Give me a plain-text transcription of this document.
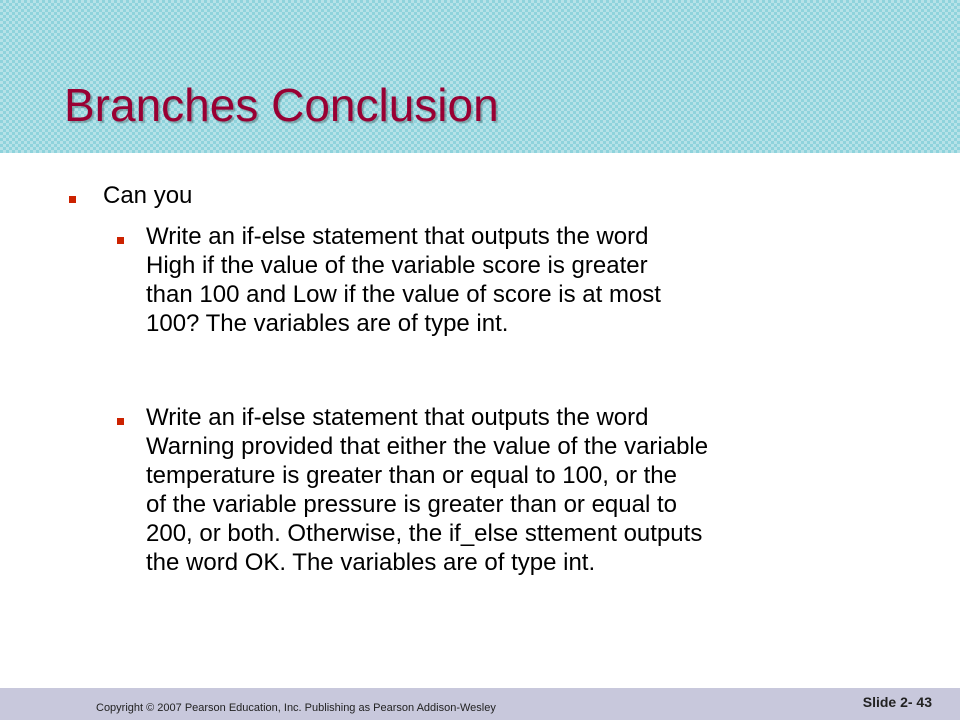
Branches Conclusion
Can you
Write an if-else statement that outputs the word
High if the value of the variable score is greater
than 100 and Low if the value of score is at most
100? The variables are of type int.
Write an if-else statement that outputs the word
Warning provided that either the value of the variable
temperature is greater than or equal to 100, or the
of the variable pressure is greater than or equal to
200, or both. Otherwise, the if_else sttement outputs
the word OK. The variables are of type int.
Copyright © 2007 Pearson Education, Inc. Publishing as Pearson Addison-Wesley	Slide 2- 43
